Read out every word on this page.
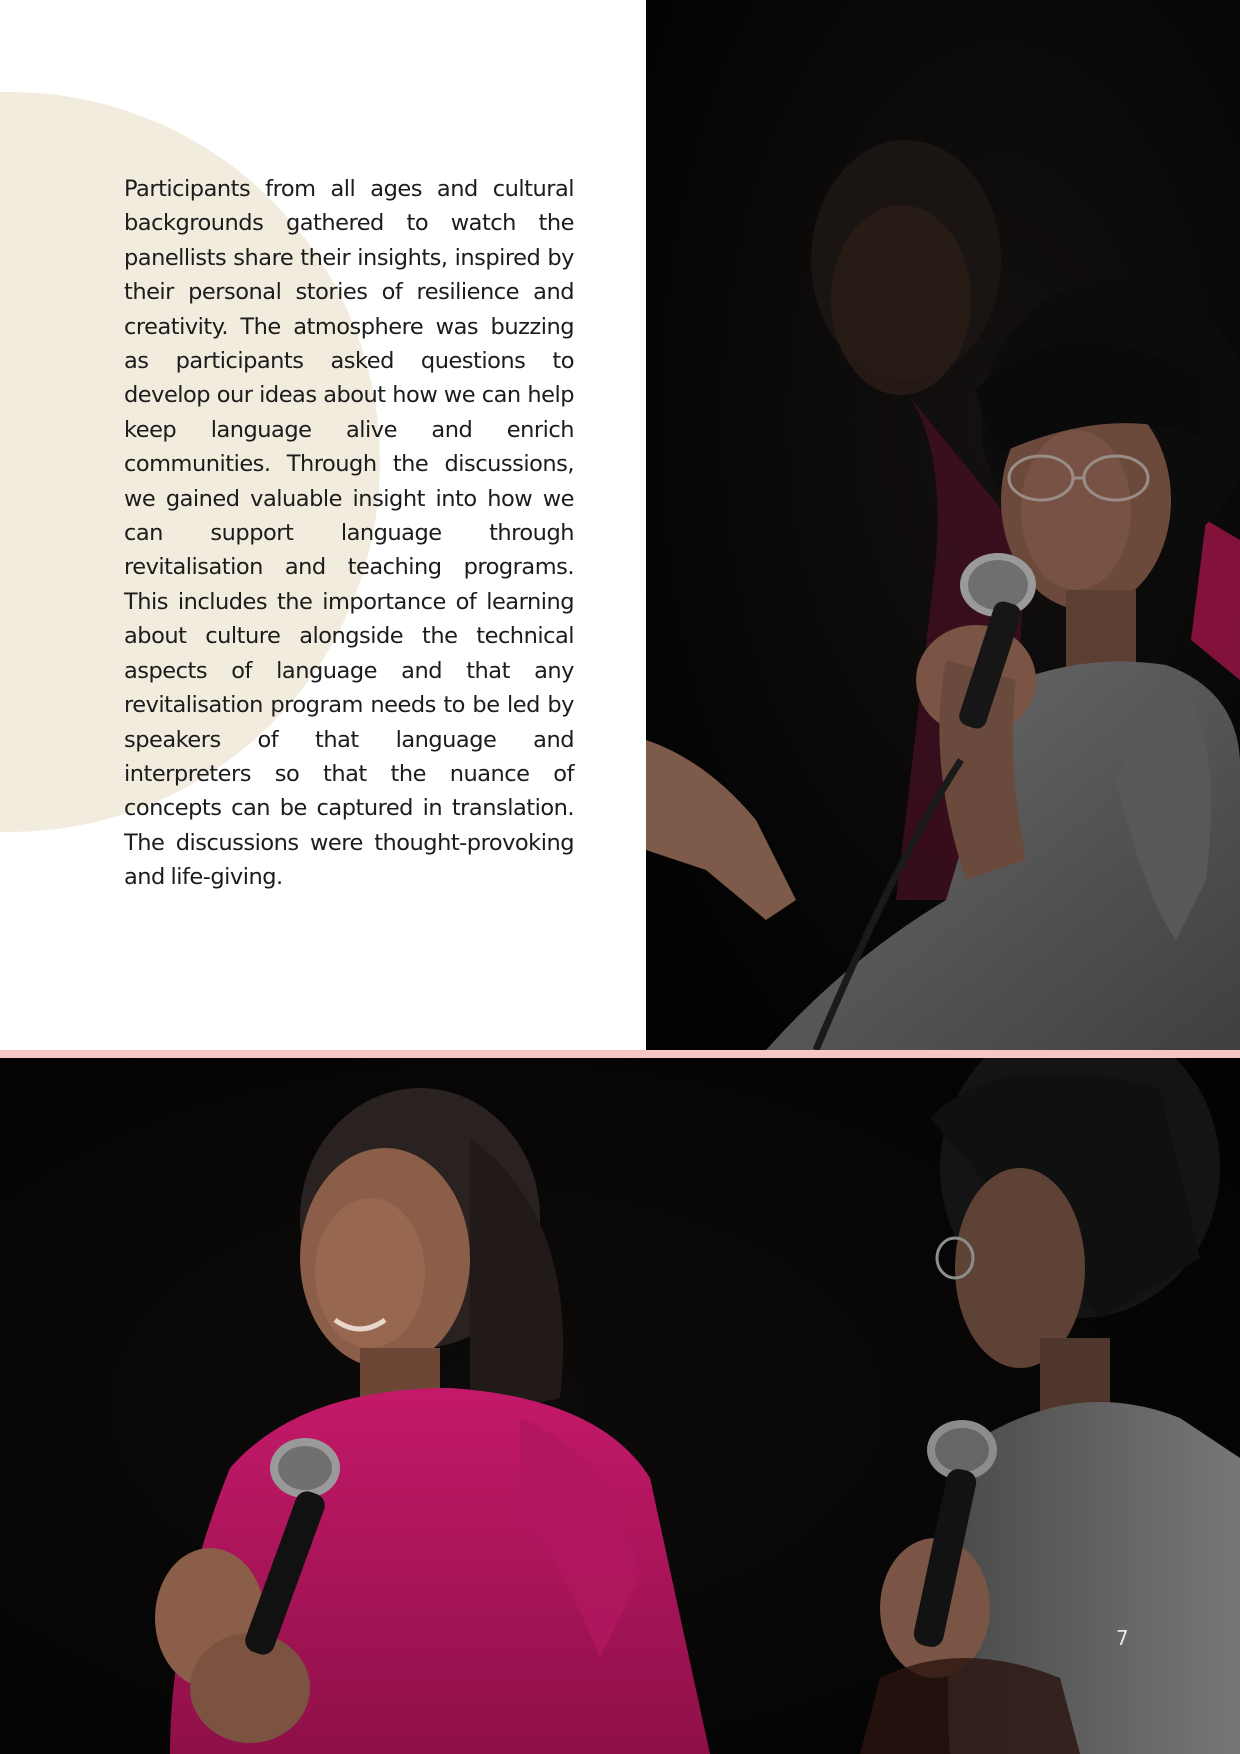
Participants from all ages and cultural backgrounds gathered to watch the panellists share their insights, inspired by their personal stories of resilience and creativity. The atmosphere was buzzing as participants asked questions to develop our ideas about how we can help keep language alive and enrich communities. Through the discussions, we gained valuable insight into how we can support language through revitalisation and teaching programs. This includes the importance of learning about culture alongside the technical aspects of language and that any revitalisation program needs to be led by speakers of that language and interpreters so that the nuance of concepts can be captured in translation. The discussions were thought-provoking and life-giving.

7
